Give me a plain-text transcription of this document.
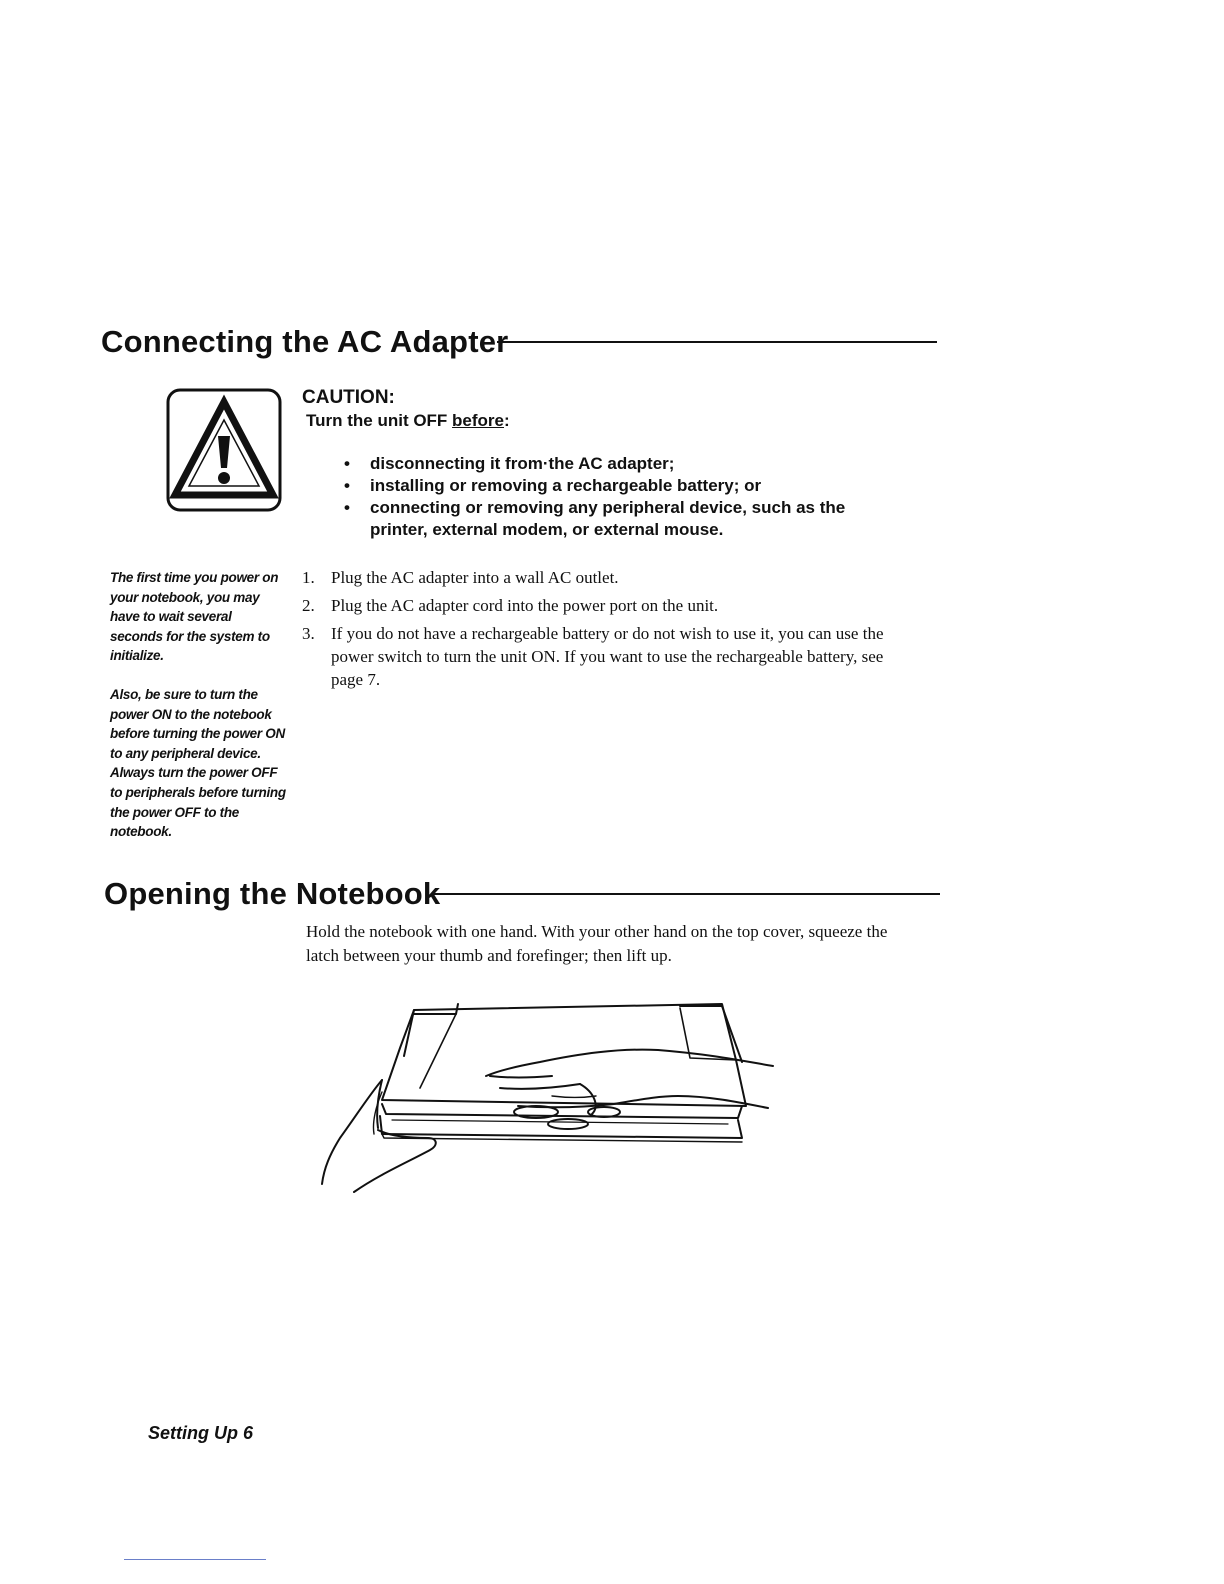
Connecting the AC Adapter
CAUTION:
Turn the unit OFF before:
• disconnecting it from·the AC adapter;
• installing or removing a rechargeable battery; or
• connecting or removing any peripheral device, such as the printer, external modem, or external mouse.
The first time you power on your notebook, you may have to wait several seconds for the system to initialize.
Also, be sure to turn the power ON to the notebook before turning the power ON to any peripheral device. Always turn the power OFF to peripherals before turning the power OFF to the notebook.
1. Plug the AC adapter into a wall AC outlet.
2. Plug the AC adapter cord into the power port on the unit.
3. If you do not have a rechargeable battery or do not wish to use it, you can use the power switch to turn the unit ON. If you want to use the rechargeable battery, see page 7.
Opening the Notebook
Hold the notebook with one hand. With your other hand on the top cover, squeeze the latch between your thumb and forefinger; then lift up.
Setting Up 6
